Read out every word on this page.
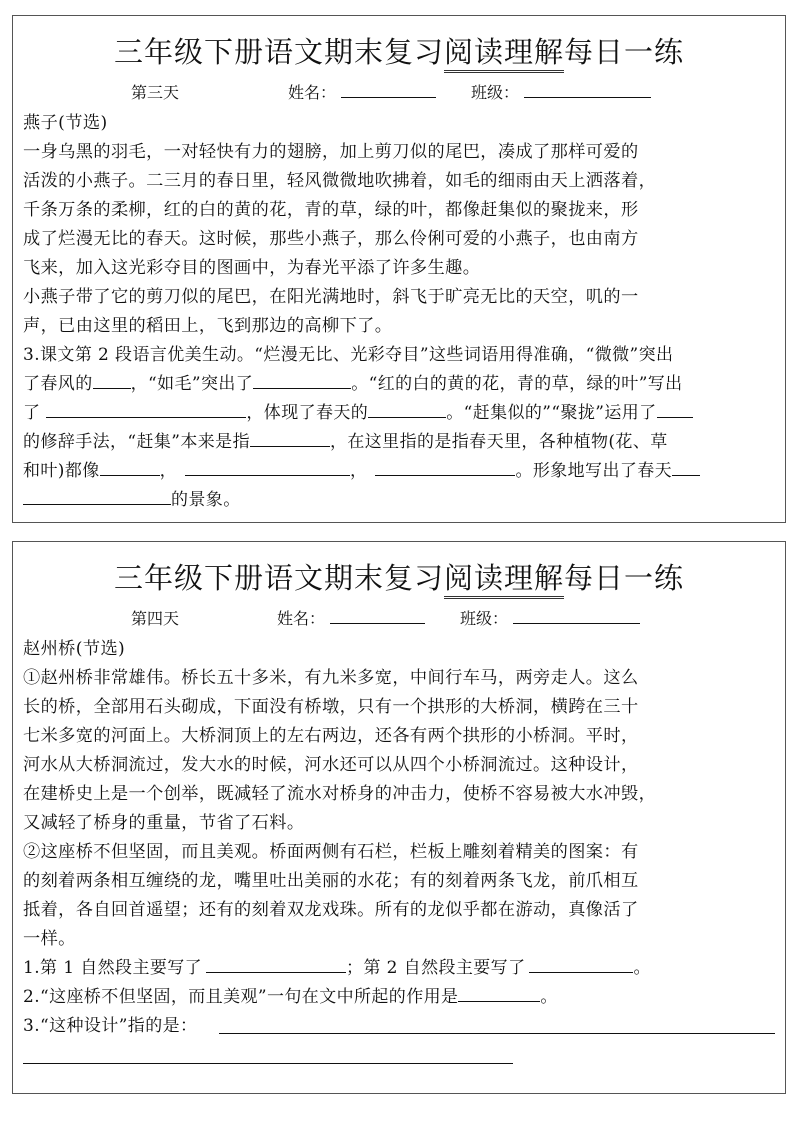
三年级下册语文期末复习阅读理解每日一练
第三天	姓名：	班级：
燕子(节选)
一身乌黑的羽毛，一对轻快有力的翅膀，加上剪刀似的尾巴，凑成了那样可爱的
活泼的小燕子。二三月的春日里，轻风微微地吹拂着，如毛的细雨由天上洒落着，
千条万条的柔柳，红的白的黄的花，青的草，绿的叶，都像赶集似的聚拢来，形
成了烂漫无比的春天。这时候，那些小燕子，那么伶俐可爱的小燕子，也由南方
飞来，加入这光彩夺目的图画中，为春光平添了许多生趣。
小燕子带了它的剪刀似的尾巴，在阳光满地时，斜飞于旷亮无比的天空，叽的一
声，已由这里的稻田上，飞到那边的高柳下了。
3.课文第 2 段语言优美生动。“烂漫无比、光彩夺目”这些词语用得准确，“微微”突出
了春风的 ，“如毛”突出了	。“红的白的黄的花，青的草，绿的叶”写出
了	，体现了春天的	。“赶集似的”“聚拢”运用了
的修辞手法，“赶集”本来是指	，在这里指的是指春天里，各种植物(花、草
和叶)都像	，	，	。形象地写出了春天
的景象。
三年级下册语文期末复习阅读理解每日一练
第四天	姓名：	班级：
赵州桥(节选)
①赵州桥非常雄伟。桥长五十多米，有九米多宽，中间行车马，两旁走人。这么
长的桥，全部用石头砌成，下面没有桥墩，只有一个拱形的大桥洞，横跨在三十
七米多宽的河面上。大桥洞顶上的左右两边，还各有两个拱形的小桥洞。平时，
河水从大桥洞流过，发大水的时候，河水还可以从四个小桥洞流过。这种设计，
在建桥史上是一个创举，既减轻了流水对桥身的冲击力，使桥不容易被大水冲毁，
又减轻了桥身的重量，节省了石料。
②这座桥不但坚固，而且美观。桥面两侧有石栏，栏板上雕刻着精美的图案：有
的刻着两条相互缠绕的龙，嘴里吐出美丽的水花；有的刻着两条飞龙，前爪相互
抵着，各自回首遥望；还有的刻着双龙戏珠。所有的龙似乎都在游动，真像活了
一样。
1.第 1 自然段主要写了	；第 2 自然段主要写了	。
2.“这座桥不但坚固，而且美观”一句在文中所起的作用是	。
3.“这种设计”指的是：
